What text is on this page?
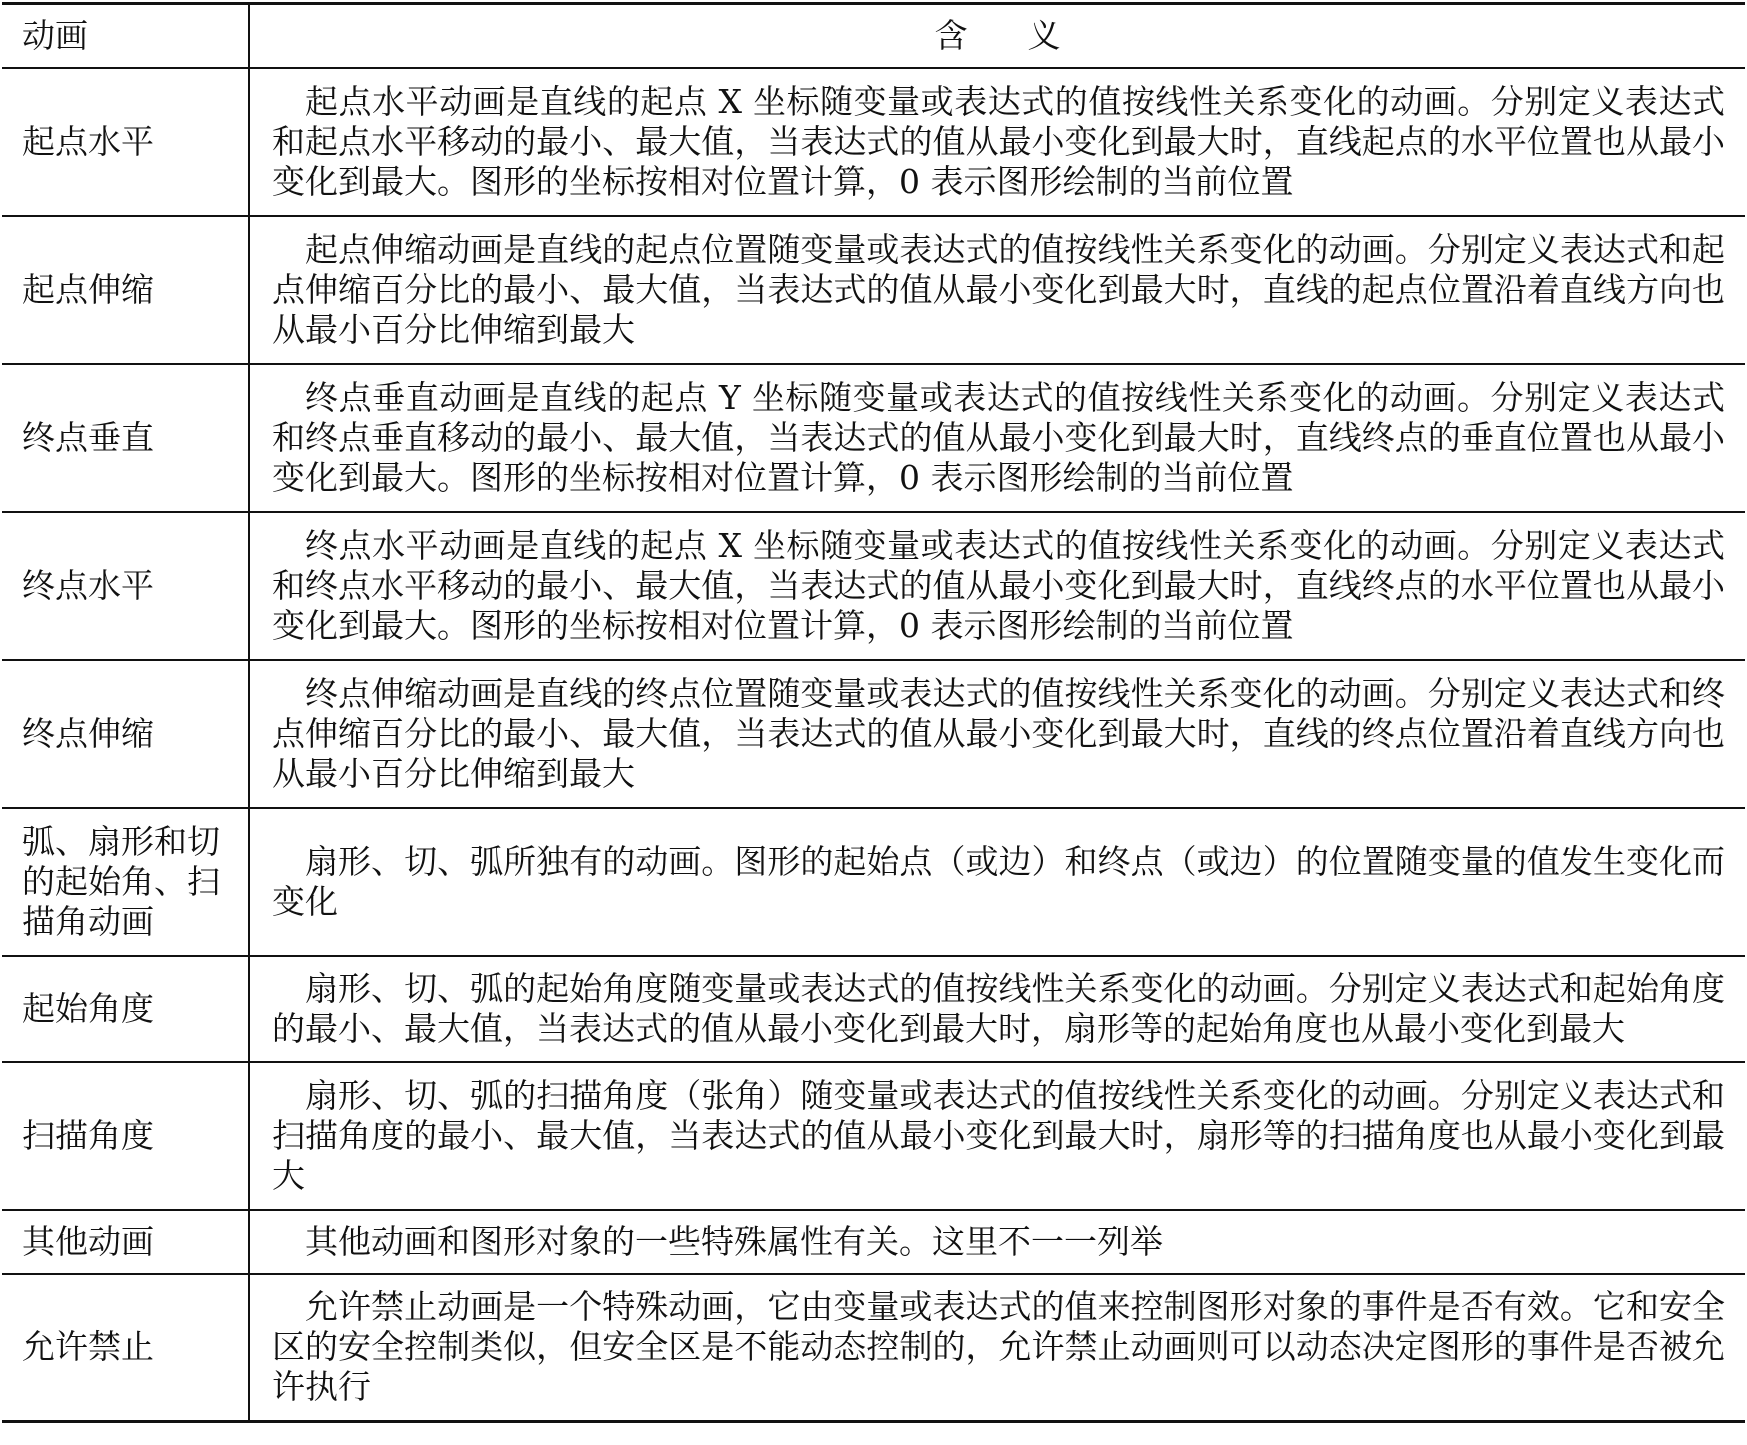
动画	含义
起点水平	起点水平动画是直线的起点 X 坐标随变量或表达式的值按线性关系变化的动画。分别定义表达式和起点水平移动的最小、最大值，当表达式的值从最小变化到最大时，直线起点的水平位置也从最小变化到最大。图形的坐标按相对位置计算，0 表示图形绘制的当前位置
起点伸缩	起点伸缩动画是直线的起点位置随变量或表达式的值按线性关系变化的动画。分别定义表达式和起点伸缩百分比的最小、最大值，当表达式的值从最小变化到最大时，直线的起点位置沿着直线方向也从最小百分比伸缩到最大
终点垂直	终点垂直动画是直线的起点 Y 坐标随变量或表达式的值按线性关系变化的动画。分别定义表达式和终点垂直移动的最小、最大值，当表达式的值从最小变化到最大时，直线终点的垂直位置也从最小变化到最大。图形的坐标按相对位置计算，0 表示图形绘制的当前位置
终点水平	终点水平动画是直线的起点 X 坐标随变量或表达式的值按线性关系变化的动画。分别定义表达式和终点水平移动的最小、最大值，当表达式的值从最小变化到最大时，直线终点的水平位置也从最小变化到最大。图形的坐标按相对位置计算，0 表示图形绘制的当前位置
终点伸缩	终点伸缩动画是直线的终点位置随变量或表达式的值按线性关系变化的动画。分别定义表达式和终点伸缩百分比的最小、最大值，当表达式的值从最小变化到最大时，直线的终点位置沿着直线方向也从最小百分比伸缩到最大
弧、扇形和切的起始角、扫描角动画	扇形、切、弧所独有的动画。图形的起始点（或边）和终点（或边）的位置随变量的值发生变化而变化
起始角度	扇形、切、弧的起始角度随变量或表达式的值按线性关系变化的动画。分别定义表达式和起始角度的最小、最大值，当表达式的值从最小变化到最大时，扇形等的起始角度也从最小变化到最大
扫描角度	扇形、切、弧的扫描角度（张角）随变量或表达式的值按线性关系变化的动画。分别定义表达式和扫描角度的最小、最大值，当表达式的值从最小变化到最大时，扇形等的扫描角度也从最小变化到最大
其他动画	其他动画和图形对象的一些特殊属性有关。这里不一一列举
允许禁止	允许禁止动画是一个特殊动画，它由变量或表达式的值来控制图形对象的事件是否有效。它和安全区的安全控制类似，但安全区是不能动态控制的，允许禁止动画则可以动态决定图形的事件是否被允许执行
